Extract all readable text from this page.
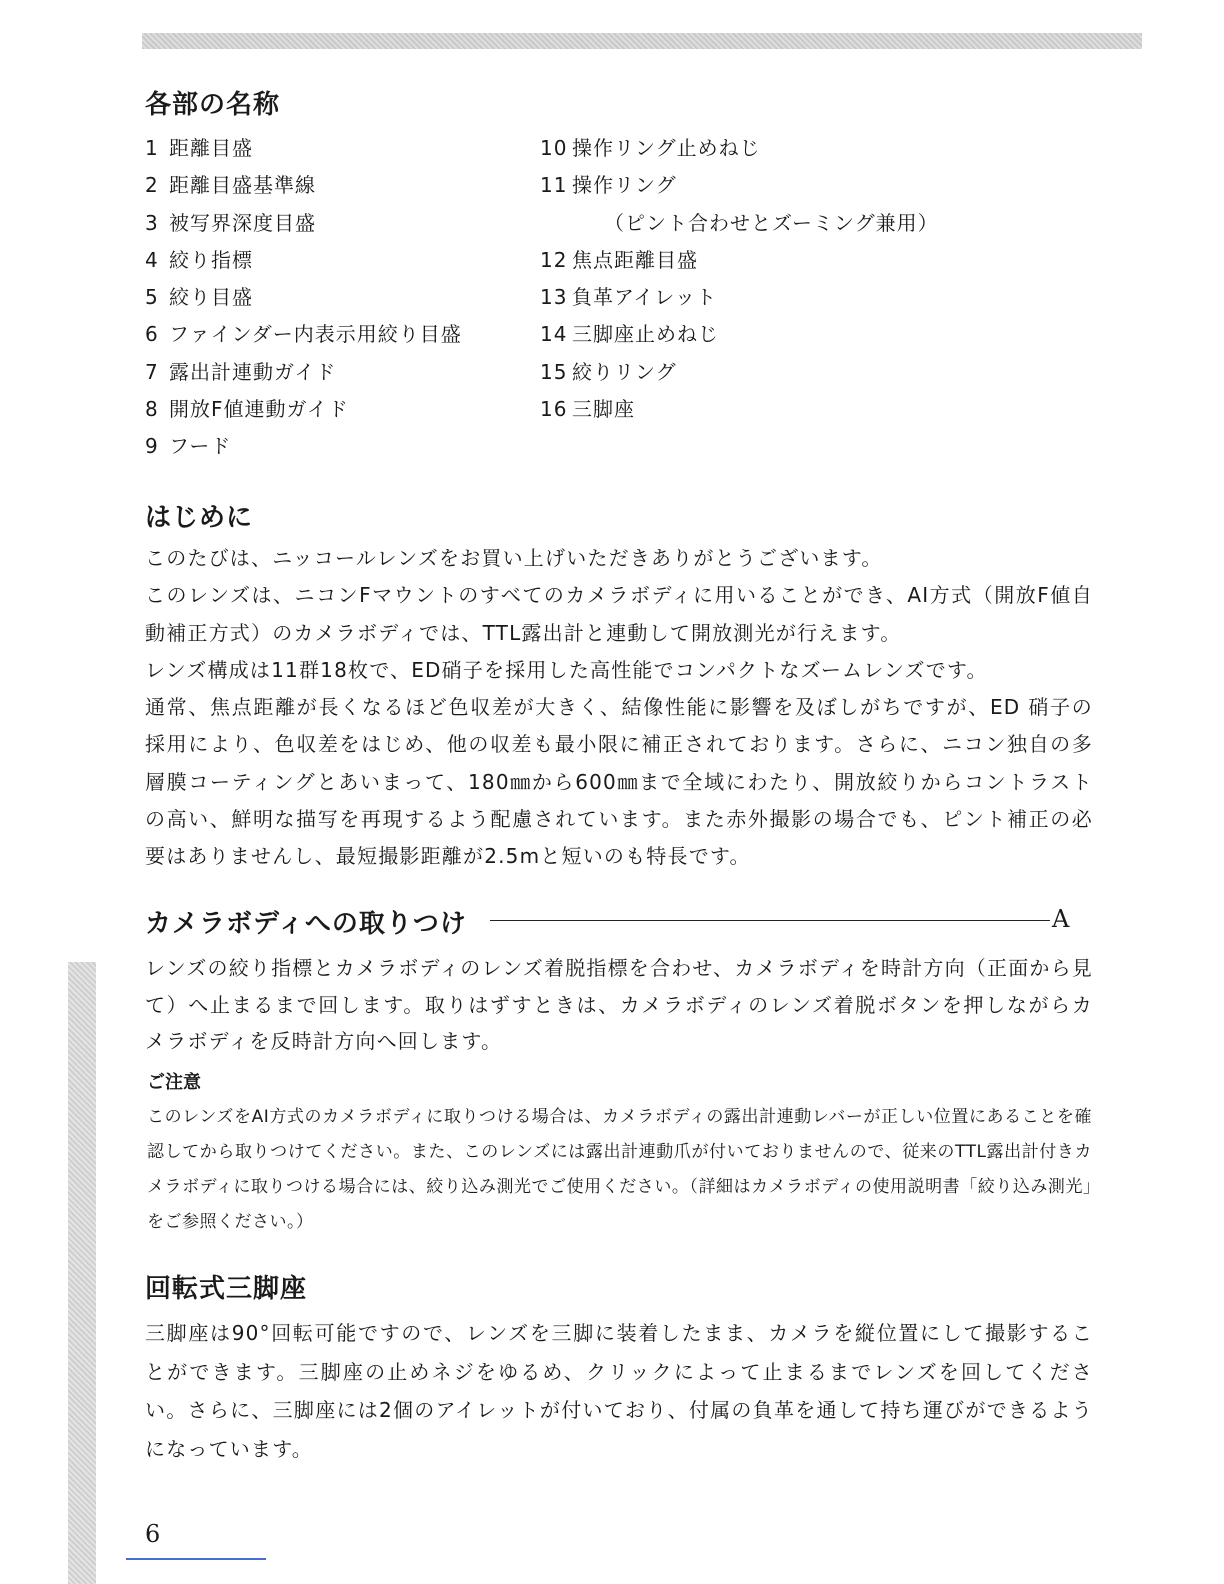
各部の名称
1 距離目盛
2 距離目盛基準線
3 被写界深度目盛
4 絞り指標
5 絞り目盛
6 ファインダー内表示用絞り目盛
7 露出計連動ガイド
8 開放F値連動ガイド
9 フード
10 操作リング止めねじ
11 操作リング
（ピント合わせとズーミング兼用）
12 焦点距離目盛
13 負革アイレット
14 三脚座止めねじ
15 絞りリング
16 三脚座
はじめに
このたびは、ニッコールレンズをお買い上げいただきありがとうございます。
このレンズは、ニコンFマウントのすべてのカメラボディに用いることができ、AI方式（開放F値自動補正方式）のカメラボディでは、TTL露出計と連動して開放測光が行えます。
レンズ構成は11群18枚で、ED硝子を採用した高性能でコンパクトなズームレンズです。
通常、焦点距離が長くなるほど色収差が大きく、結像性能に影響を及ぼしがちですが、ED 硝子の採用により、色収差をはじめ、他の収差も最小限に補正されております。さらに、ニコン独自の多層膜コーティングとあいまって、180㎜から600㎜まで全域にわたり、開放絞りからコントラストの高い、鮮明な描写を再現するよう配慮されています。また赤外撮影の場合でも、ピント補正の必要はありませんし、最短撮影距離が2.5mと短いのも特長です。
カメラボディへの取りつけ	A

レンズの絞り指標とカメラボディのレンズ着脱指標を合わせ、カメラボディを時計方向（正面から見て）へ止まるまで回します。取りはずすときは、カメラボディのレンズ着脱ボタンを押しながらカメラボディを反時計方向へ回します。

ご注意

このレンズをAI方式のカメラボディに取りつける場合は、カメラボディの露出計連動レバーが正しい位置にあることを確認してから取りつけてください。また、このレンズには露出計連動爪が付いておりませんので、従来のTTL露出計付きカメラボディに取りつける場合には、絞り込み測光でご使用ください。（詳細はカメラボディの使用説明書「絞り込み測光」をご参照ください。）

回転式三脚座

三脚座は90°回転可能ですので、レンズを三脚に装着したまま、カメラを縦位置にして撮影することができます。三脚座の止めネジをゆるめ、クリックによって止まるまでレンズを回してください。さらに、三脚座には2個のアイレットが付いており、付属の負革を通して持ち運びができるようになっています。

6
